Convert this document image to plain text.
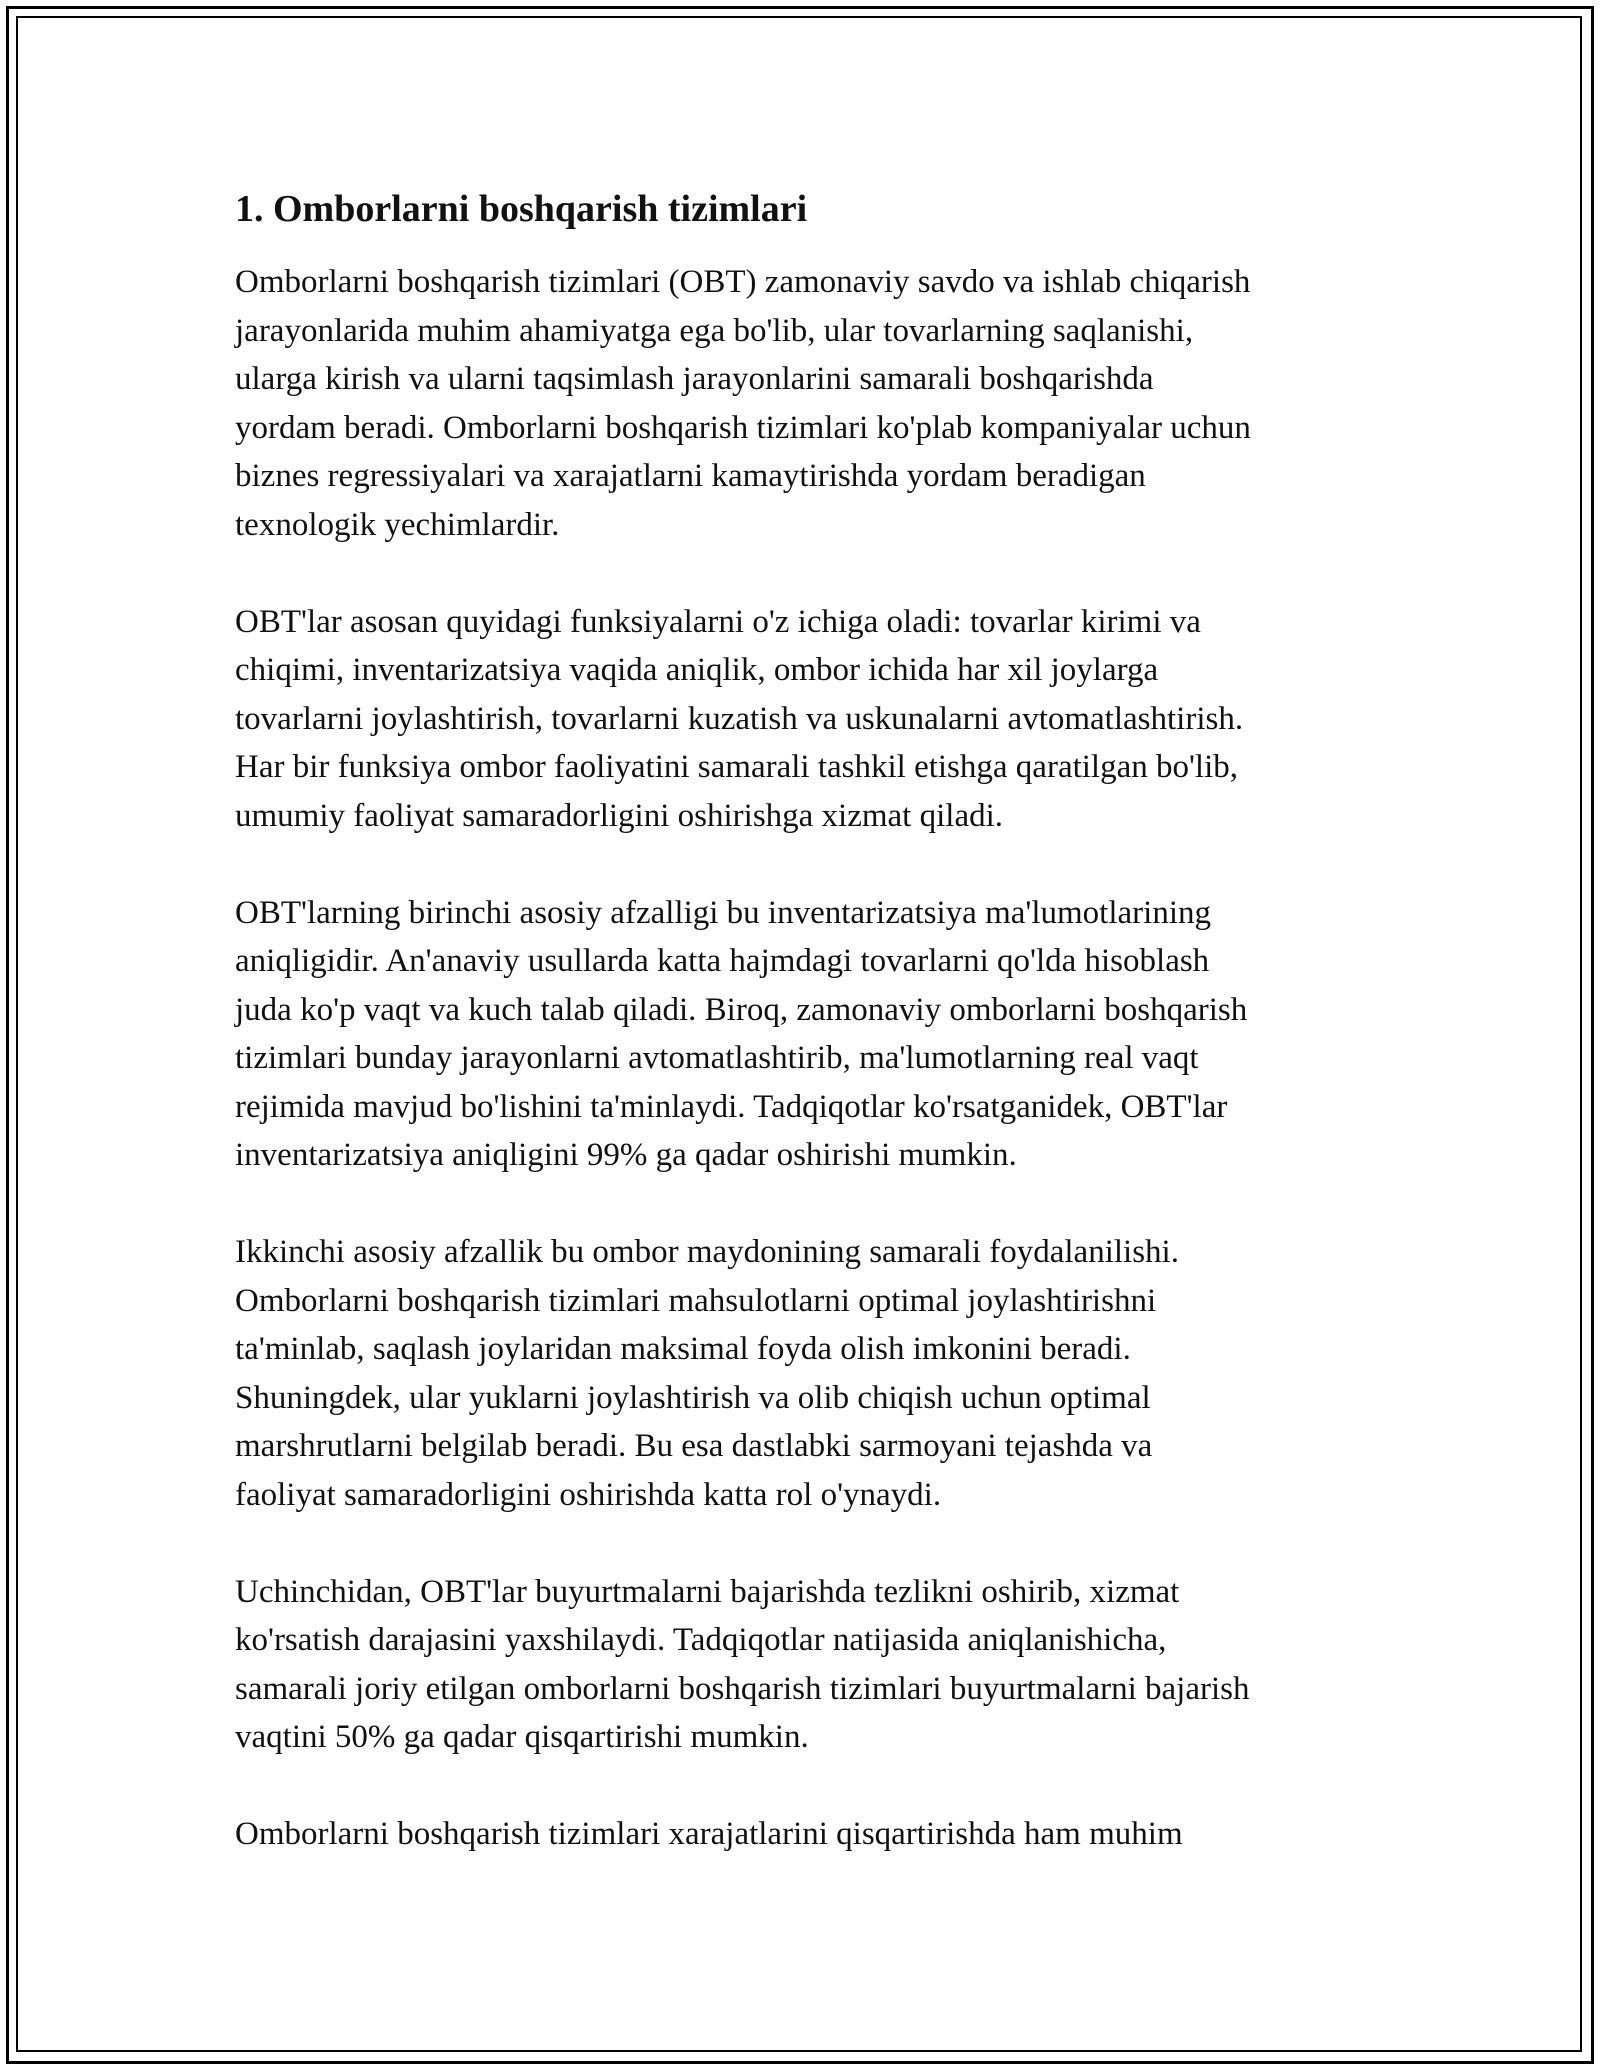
1. Omborlarni boshqarish tizimlari

Omborlarni boshqarish tizimlari (OBT) zamonaviy savdo va ishlab chiqarish
jarayonlarida muhim ahamiyatga ega bo'lib, ular tovarlarning saqlanishi,
ularga kirish va ularni taqsimlash jarayonlarini samarali boshqarishda
yordam beradi. Omborlarni boshqarish tizimlari ko'plab kompaniyalar uchun
biznes regressiyalari va xarajatlarni kamaytirishda yordam beradigan
texnologik yechimlardir.

OBT'lar asosan quyidagi funksiyalarni o'z ichiga oladi: tovarlar kirimi va
chiqimi, inventarizatsiya vaqida aniqlik, ombor ichida har xil joylarga
tovarlarni joylashtirish, tovarlarni kuzatish va uskunalarni avtomatlashtirish.
Har bir funksiya ombor faoliyatini samarali tashkil etishga qaratilgan bo'lib,
umumiy faoliyat samaradorligini oshirishga xizmat qiladi.

OBT'larning birinchi asosiy afzalligi bu inventarizatsiya ma'lumotlarining
aniqligidir. An'anaviy usullarda katta hajmdagi tovarlarni qo'lda hisoblash
juda ko'p vaqt va kuch talab qiladi. Biroq, zamonaviy omborlarni boshqarish
tizimlari bunday jarayonlarni avtomatlashtirib, ma'lumotlarning real vaqt
rejimida mavjud bo'lishini ta'minlaydi. Tadqiqotlar ko'rsatganidek, OBT'lar
inventarizatsiya aniqligini 99% ga qadar oshirishi mumkin.

Ikkinchi asosiy afzallik bu ombor maydonining samarali foydalanilishi.
Omborlarni boshqarish tizimlari mahsulotlarni optimal joylashtirishni
ta'minlab, saqlash joylaridan maksimal foyda olish imkonini beradi.
Shuningdek, ular yuklarni joylashtirish va olib chiqish uchun optimal
marshrutlarni belgilab beradi. Bu esa dastlabki sarmoyani tejashda va
faoliyat samaradorligini oshirishda katta rol o'ynaydi.

Uchinchidan, OBT'lar buyurtmalarni bajarishda tezlikni oshirib, xizmat
ko'rsatish darajasini yaxshilaydi. Tadqiqotlar natijasida aniqlanishicha,
samarali joriy etilgan omborlarni boshqarish tizimlari buyurtmalarni bajarish
vaqtini 50% ga qadar qisqartirishi mumkin.

Omborlarni boshqarish tizimlari xarajatlarini qisqartirishda ham muhim
